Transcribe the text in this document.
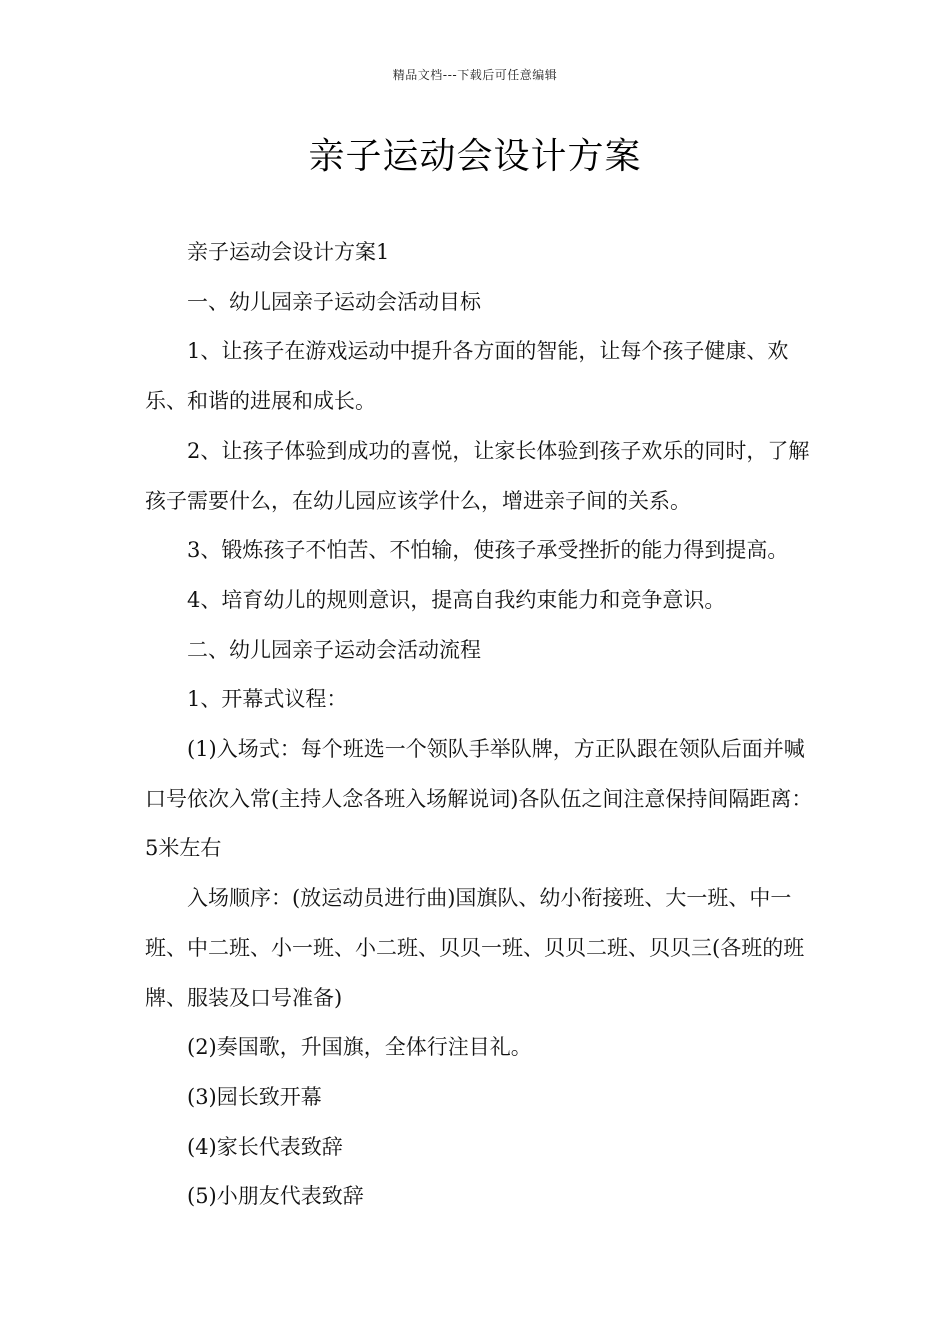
精品文档---下载后可任意编辑
亲子运动会设计方案

亲子运动会设计方案1

一、幼儿园亲子运动会活动目标

1、让孩子在游戏运动中提升各方面的智能，让每个孩子健康、欢乐、和谐的进展和成长。

2、让孩子体验到成功的喜悦，让家长体验到孩子欢乐的同时，了解孩子需要什么，在幼儿园应该学什么，增进亲子间的关系。

3、锻炼孩子不怕苦、不怕输，使孩子承受挫折的能力得到提高。

4、培育幼儿的规则意识，提高自我约束能力和竞争意识。

二、幼儿园亲子运动会活动流程

1、开幕式议程：

(1)入场式：每个班选一个领队手举队牌，方正队跟在领队后面并喊口号依次入常(主持人念各班入场解说词)各队伍之间注意保持间隔距离：5米左右

入场顺序：(放运动员进行曲)国旗队、幼小衔接班、大一班、中一班、中二班、小一班、小二班、贝贝一班、贝贝二班、贝贝三(各班的班牌、服装及口号准备)

(2)奏国歌，升国旗，全体行注目礼。

(3)园长致开幕

(4)家长代表致辞

(5)小朋友代表致辞
